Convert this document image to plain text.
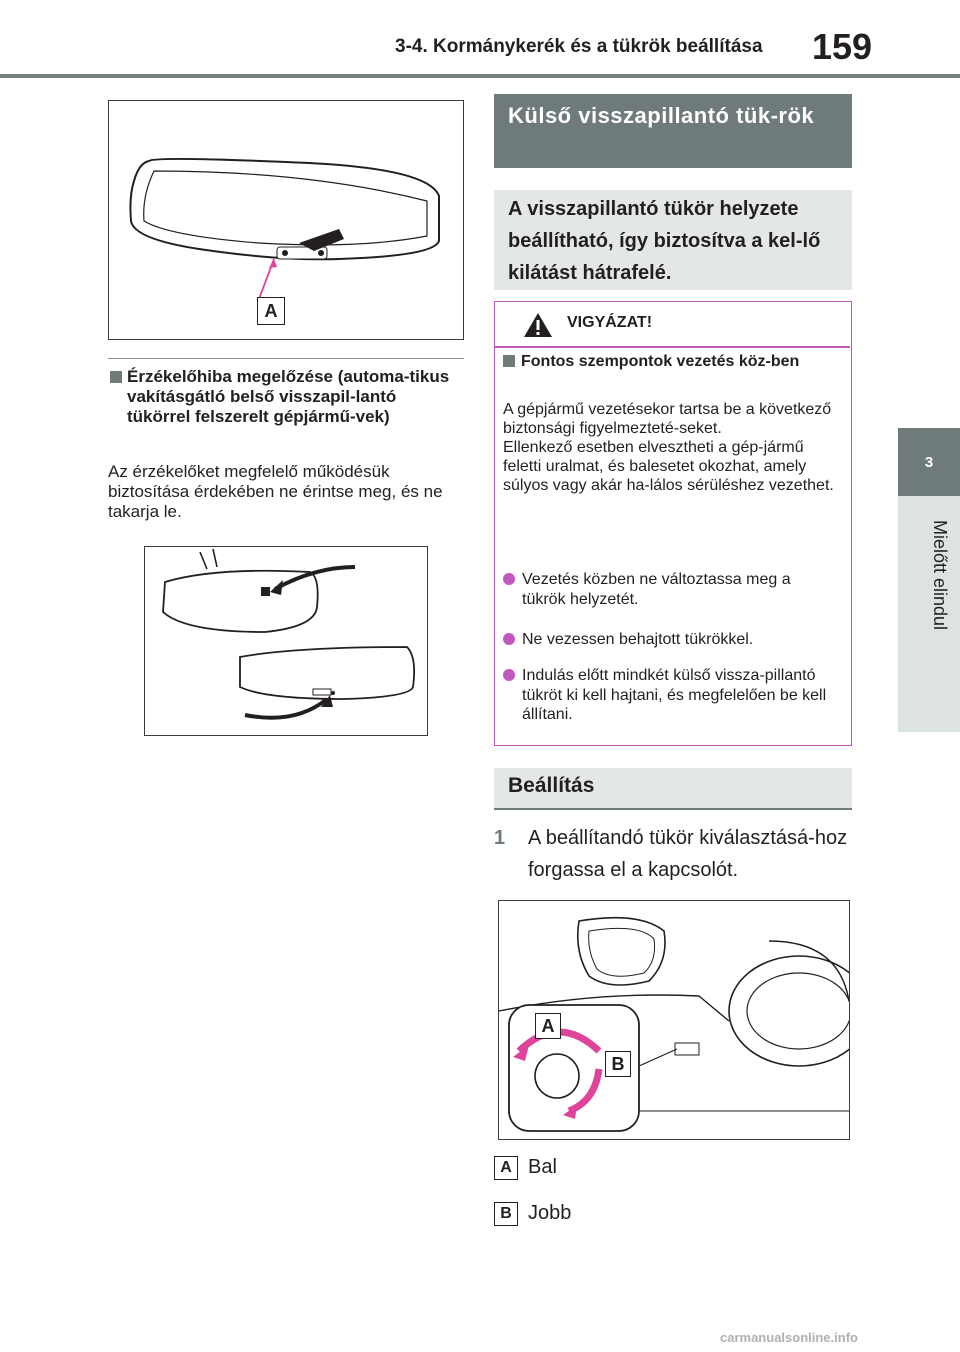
3-4. Kormánykerék és a tükrök beállítása 159
3
Mielőtt elindul
A
Érzékelőhiba megelőzése (automa-tikus vakításgátló belső visszapil-lantó tükörrel felszerelt gépjármű-vek)
Az érzékelőket megfelelő működésük biztosítása érdekében ne érintse meg, és ne takarja le.
Külső visszapillantó tük-rök
A visszapillantó tükör helyzete beállítható, így biztosítva a kel-lő kilátást hátrafelé.
VIGYÁZAT!
Fontos szempontok vezetés köz-ben
A gépjármű vezetésekor tartsa be a következő biztonsági figyelmezteté-seket.
Ellenkező esetben elvesztheti a gép-jármű feletti uralmat, és balesetet okozhat, amely súlyos vagy akár ha-lálos sérüléshez vezethet.
Vezetés közben ne változtassa meg a tükrök helyzetét.
Ne vezessen behajtott tükrökkel.
Indulás előtt mindkét külső vissza-pillantó tükröt ki kell hajtani, és megfelelően be kell állítani.
Beállítás
1 A beállítandó tükör kiválasztásá-hoz forgassa el a kapcsolót.
A
B
A Bal
B Jobb
carmanualsonline.info
